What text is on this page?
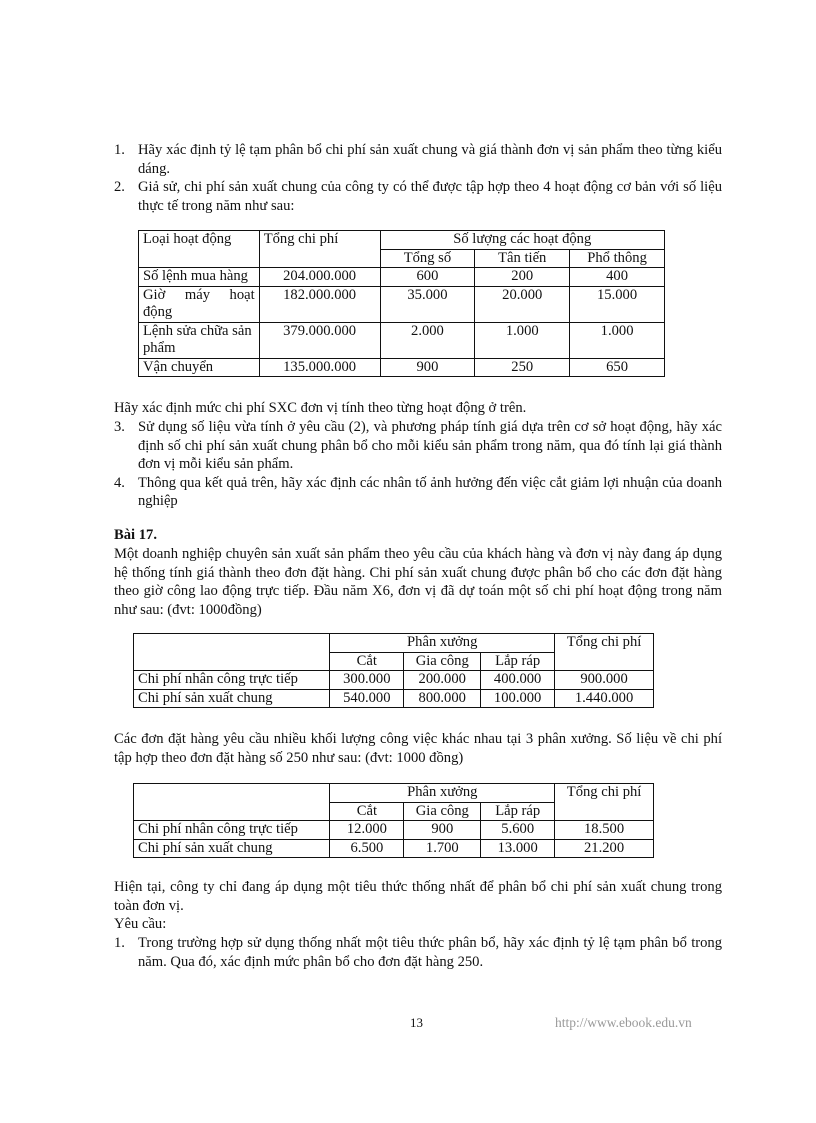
1. Hãy xác định tỷ lệ tạm phân bổ chi phí sản xuất chung và giá thành đơn vị sản phẩm theo từng kiểu dáng.
2. Giả sử, chi phí sản xuất chung của công ty có thể được tập hợp theo 4 hoạt động cơ bản với số liệu thực tế trong năm như sau:
Loại hoạt động	Tổng chi phí	Số lượng các hoạt động		
		Tổng số	Tân tiến	Phổ thông
Số lệnh mua hàng	204.000.000	600	200	400
Giờ máy hoạt động	182.000.000	35.000	20.000	15.000
Lệnh sửa chữa sản phẩm	379.000.000	2.000	1.000	1.000
Vận chuyển	135.000.000	900	250	650
Hãy xác định mức chi phí SXC đơn vị tính theo từng hoạt động ở trên.
3. Sử dụng số liệu vừa tính ở yêu cầu (2), và phương pháp tính giá dựa trên cơ sở hoạt động, hãy xác định số chi phí sản xuất chung phân bổ cho mỗi kiểu sản phẩm trong năm, qua đó tính lại giá thành đơn vị mỗi kiểu sản phẩm.
4. Thông qua kết quả trên, hãy xác định các nhân tố ảnh hưởng đến việc cắt giảm lợi nhuận của doanh nghiệp
Bài 17.
Một doanh nghiệp chuyên sản xuất sản phẩm theo yêu cầu của khách hàng và đơn vị này đang áp dụng hệ thống tính giá thành theo đơn đặt hàng. Chi phí sản xuất chung được phân bổ cho các đơn đặt hàng theo giờ công lao động trực tiếp. Đầu năm X6, đơn vị đã dự toán một số chi phí hoạt động trong năm như sau: (đvt: 1000đồng)
	Phân xưởng			Tổng chi phí
	Cắt	Gia công	Lắp ráp	
Chi phí nhân công trực tiếp	300.000	200.000	400.000	900.000
Chi phí sản xuất chung	540.000	800.000	100.000	1.440.000
Các đơn đặt hàng yêu cầu nhiều khối lượng công việc khác nhau tại 3 phân xưởng. Số liệu về chi phí tập hợp theo đơn đặt hàng số 250 như sau: (đvt: 1000 đồng)
	Phân xưởng			Tổng chi phí
	Cắt	Gia công	Lắp ráp	
Chi phí nhân công trực tiếp	12.000	900	5.600	18.500
Chi phí sản xuất chung	6.500	1.700	13.000	21.200
Hiện tại, công ty chỉ đang áp dụng một tiêu thức thống nhất để phân bổ chi phí sản xuất chung trong toàn đơn vị.
Yêu cầu:
1. Trong trường hợp sử dụng thống nhất một tiêu thức phân bổ, hãy xác định tỷ lệ tạm phân bổ trong năm. Qua đó, xác định mức phân bổ cho đơn đặt hàng 250.
13	http://www.ebook.edu.vn
